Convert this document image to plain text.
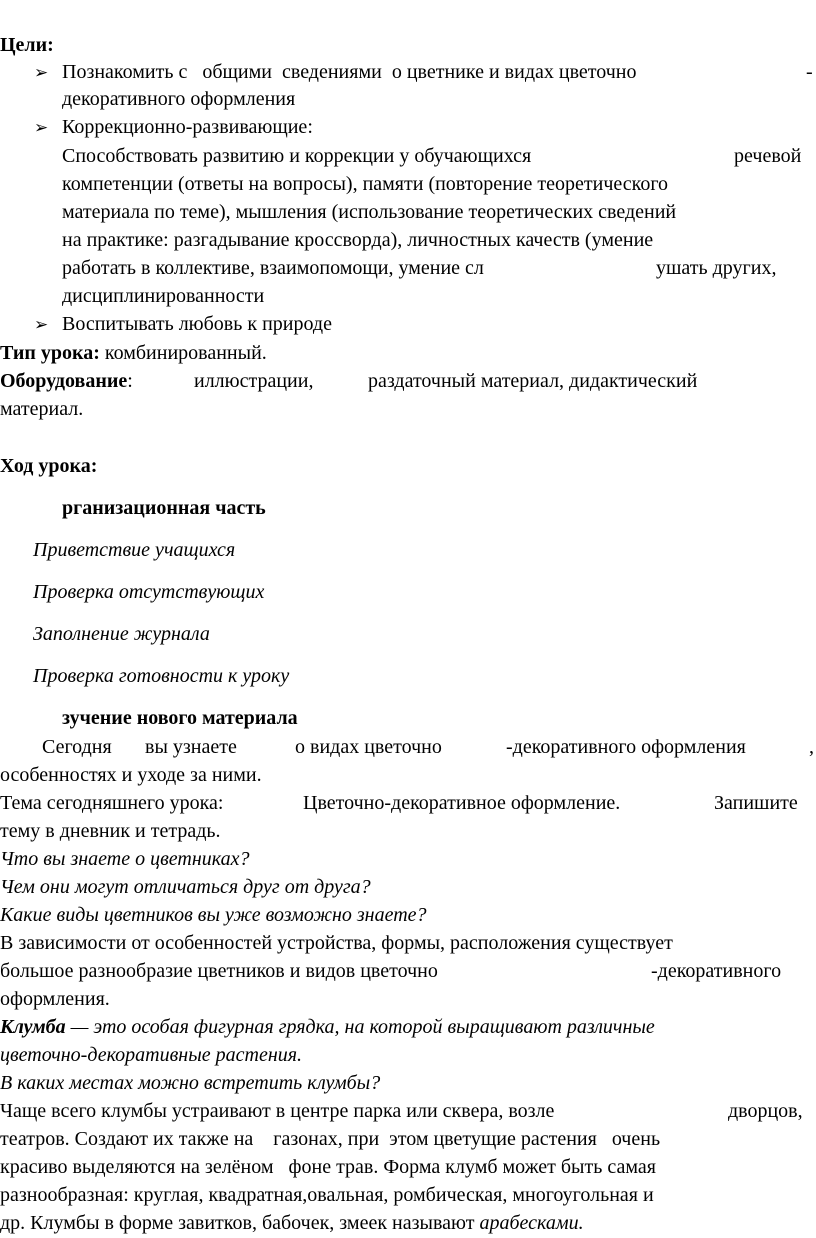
Цели:
➢ Познакомить с общими сведениями о цветнике и видах цветочно	-
декоративного оформления
➢ Коррекционно-развивающие:
Способствовать развитию и коррекции у обучающихся	речевой
компетенции (ответы на вопросы), памяти (повторение теоретического
материала по теме), мышления (использование теоретических сведений
на практике: разгадывание кроссворда), личностных качеств (умение
работать в коллективе, взаимопомощи, умение сл	ушать других,
дисциплинированности
➢ Воспитывать любовь к природе
Тип урока: комбинированный.
Оборудование:	иллюстрации,	раздаточный материал, дидактический
материал.
Ход урока:
рганизационная часть
Приветствие учащихся
Проверка отсутствующих
Заполнение журнала
Проверка готовности к уроку
зучение нового материала
Сегодня вы узнаете	о видах цветочно	-декоративного оформления	,
особенностях и уходе за ними.
Тема сегодняшнего урока:	Цветочно-декоративное оформление.	Запишите
тему в дневник и тетрадь.
Что вы знаете о цветниках?
Чем они могут отличаться друг от друга?
Какие виды цветников вы уже возможно знаете?
В зависимости от особенностей устройства, формы, расположения существует
большое разнообразие цветников и видов цветочно	-декоративного
оформления.
Клумба — это особая фигурная грядка, на которой выращивают различные
цветочно-декоративные растения.
В каких местах можно встретить клумбы?
Чаще всего клумбы устраивают в центре парка или сквера, возле	дворцов,
театров. Создают их также на    газонах, при  этом цветущие растения   очень
красиво выделяются на зелёном   фоне трав. Форма клумб может быть самая
разнообразная: круглая, квадратная,овальная, ромбическая, многоугольная и
др. Клумбы в форме завитков, бабочек, змеек называют арабесками.
